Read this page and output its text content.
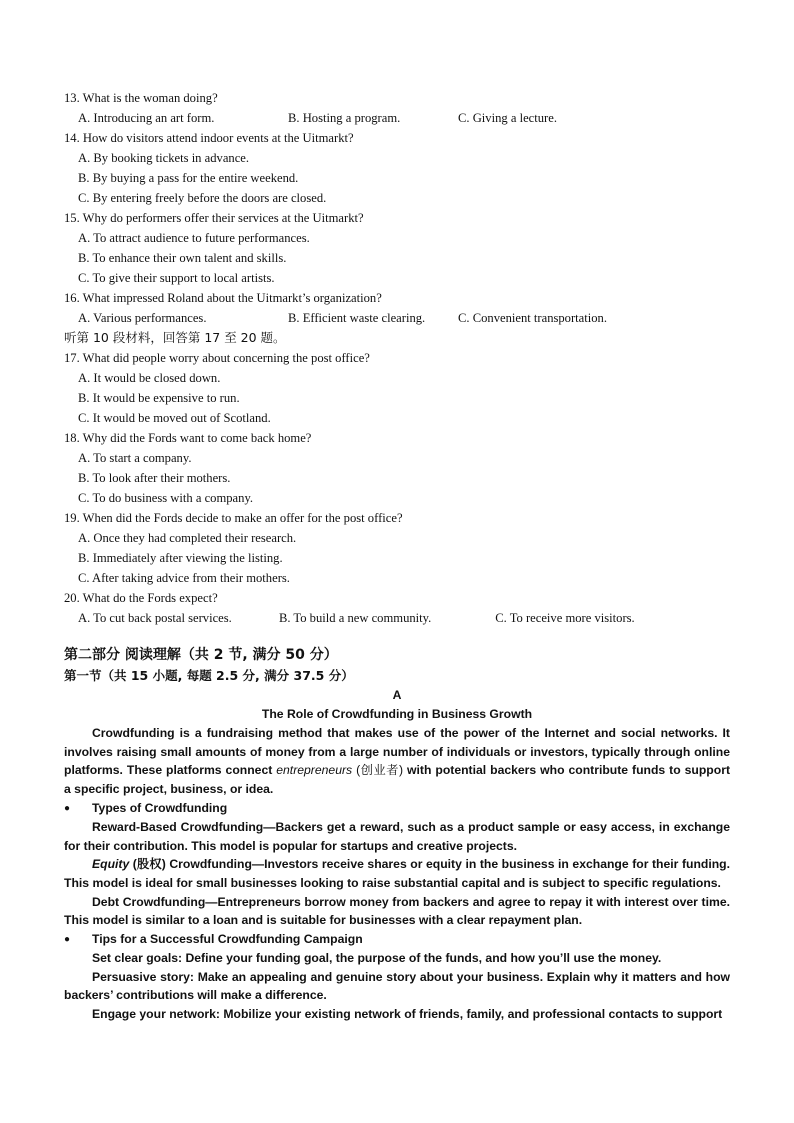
13. What is the woman doing?
A. Introducing an art form.	B. Hosting a program.	C. Giving a lecture.
14. How do visitors attend indoor events at the Uitmarkt?
A. By booking tickets in advance.
B. By buying a pass for the entire weekend.
C. By entering freely before the doors are closed.
15. Why do performers offer their services at the Uitmarkt?
A. To attract audience to future performances.
B. To enhance their own talent and skills.
C. To give their support to local artists.
16. What impressed Roland about the Uitmarkt’s organization?
A. Various performances.	B. Efficient waste clearing.	C. Convenient transportation.
听第 10 段材料，回答第 17 至 20 题。
17. What did people worry about concerning the post office?
A. It would be closed down.
B. It would be expensive to run.
C. It would be moved out of Scotland.
18. Why did the Fords want to come back home?
A. To start a company.
B. To look after their mothers.
C. To do business with a company.
19. When did the Fords decide to make an offer for the post office?
A. Once they had completed their research.
B. Immediately after viewing the listing.
C. After taking advice from their mothers.
20. What do the Fords expect?
A. To cut back postal services.	B. To build a new community.	C. To receive more visitors.
第二部分 阅读理解（共 2 节, 满分 50 分）
第一节（共 15 小题, 每题 2.5 分, 满分 37.5 分）
A
The Role of Crowdfunding in Business Growth

Crowdfunding is a fundraising method that makes use of the power of the Internet and social networks. It involves raising small amounts of money from a large number of individuals or investors, typically through online platforms. These platforms connect entrepreneurs (创业者) with potential backers who contribute funds to support a specific project, business, or idea.

●	Types of Crowdfunding

Reward-Based Crowdfunding—Backers get a reward, such as a product sample or easy access, in exchange for their contribution. This model is popular for startups and creative projects.

Equity (股权) Crowdfunding—Investors receive shares or equity in the business in exchange for their funding. This model is ideal for small businesses looking to raise substantial capital and is subject to specific regulations.

Debt Crowdfunding—Entrepreneurs borrow money from backers and agree to repay it with interest over time. This model is similar to a loan and is suitable for businesses with a clear repayment plan.

●	Tips for a Successful Crowdfunding Campaign

Set clear goals: Define your funding goal, the purpose of the funds, and how you’ll use the money.

Persuasive story: Make an appealing and genuine story about your business. Explain why it matters and how backers’ contributions will make a difference.

Engage your network: Mobilize your existing network of friends, family, and professional contacts to support
